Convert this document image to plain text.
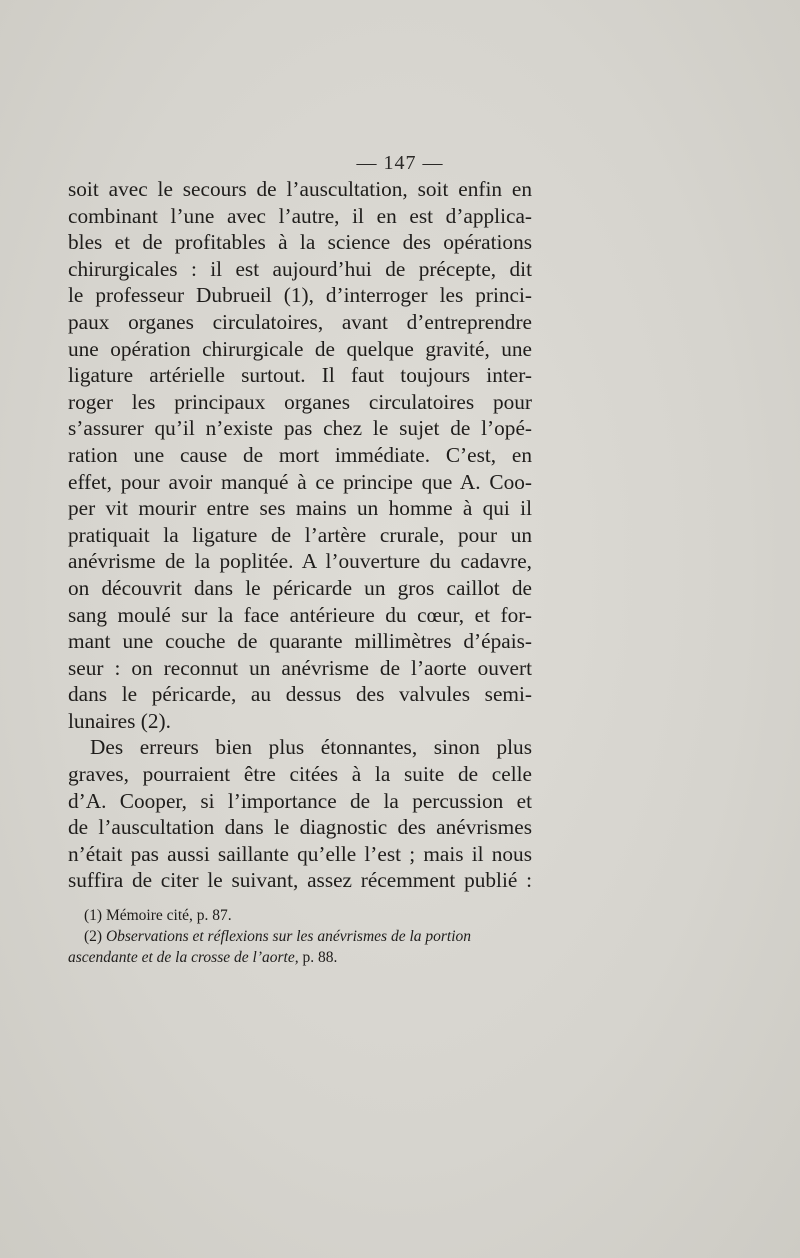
— 147 —
soit avec le secours de l’auscultation, soit enfin en
combinant l’une avec l’autre, il en est d’applica-
bles et de profitables à la science des opérations
chirurgicales : il est aujourd’hui de précepte, dit
le professeur Dubrueil (1), d’interroger les princi-
paux organes circulatoires, avant d’entreprendre
une opération chirurgicale de quelque gravité, une
ligature artérielle surtout. Il faut toujours inter-
roger les principaux organes circulatoires pour
s’assurer qu’il n’existe pas chez le sujet de l’opé-
ration une cause de mort immédiate. C’est, en
effet, pour avoir manqué à ce principe que A. Coo-
per vit mourir entre ses mains un homme à qui il
pratiquait la ligature de l’artère crurale, pour un
anévrisme de la poplitée. A l’ouverture du cadavre,
on découvrit dans le péricarde un gros caillot de
sang moulé sur la face antérieure du cœur, et for-
mant une couche de quarante millimètres d’épais-
seur : on reconnut un anévrisme de l’aorte ouvert
dans le péricarde, au dessus des valvules semi-
lunaires (2).
Des erreurs bien plus étonnantes, sinon plus
graves, pourraient être citées à la suite de celle
d’A. Cooper, si l’importance de la percussion et
de l’auscultation dans le diagnostic des anévrismes
n’était pas aussi saillante qu’elle l’est ; mais il nous
suffira de citer le suivant, assez récemment publié :
(1) Mémoire cité, p. 87.
(2) Observations et réflexions sur les anévrismes de la portion
ascendante et de la crosse de l’aorte, p. 88.
